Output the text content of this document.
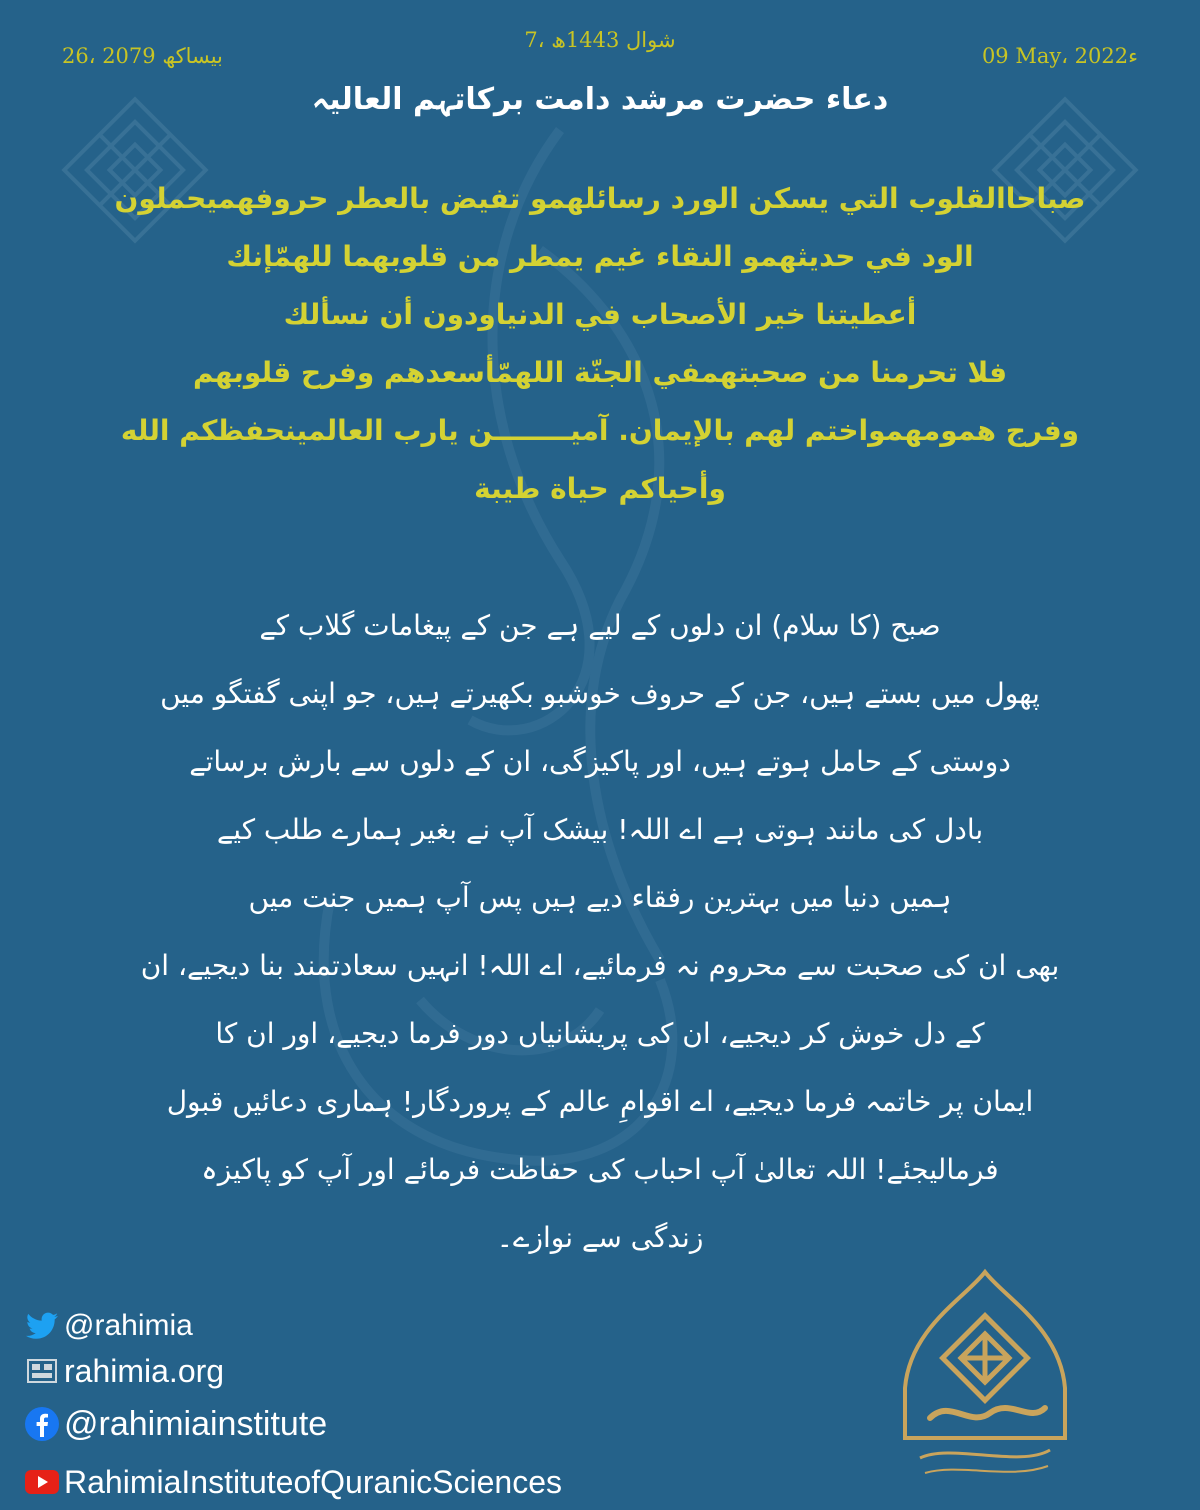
26، بیساکھ 2079
7، شوال 1443ھ
09 May، 2022ء
دعاء حضرت مرشد دامت برکاتہم العالیہ
صباحاالقلوب التي يسكن الورد رسائلهمو تفيض بالعطر حروفهميحملون
الود في حديثهمو النقاء غيم يمطر من قلوبهما للهمّإنك
أعطيتنا خير الأصحاب في الدنياودون أن نسألك
فلا تحرمنا من صحبتهمفي الجنّة اللهمّأسعدهم وفرح قلوبهم
وفرج همومهمواختم لهم بالإيمان. آميــــــــن يارب العالمينحفظكم الله
وأحياكم حياة طيبة
صبح (کا سلام) ان دلوں کے لیے ہے جن کے پیغامات گلاب کے
پھول میں بستے ہیں، جن کے حروف خوشبو بکھیرتے ہیں، جو اپنی گفتگو میں
دوستی کے حامل ہوتے ہیں، اور پاکیزگی، ان کے دلوں سے بارش برساتے
بادل کی مانند ہوتی ہے اے اللہ! بیشک آپ نے بغیر ہمارے طلب کیے
ہمیں دنیا میں بہترین رفقاء دیے ہیں پس آپ ہمیں جنت میں
بھی ان کی صحبت سے محروم نہ فرمائیے، اے اللہ! انہیں سعادتمند بنا دیجیے، ان
کے دل خوش کر دیجیے، ان کی پریشانیاں دور فرما دیجیے، اور ان کا
ایمان پر خاتمہ فرما دیجیے، اے اقوامِ عالم کے پروردگار! ہماری دعائیں قبول
فرمالیجئے! اللہ تعالیٰ آپ احباب کی حفاظت فرمائے اور آپ کو پاکیزہ
زندگی سے نوازے۔
@rahimia
rahimia.org
@rahimiainstitute
RahimiaInstituteofQuranicSciences
